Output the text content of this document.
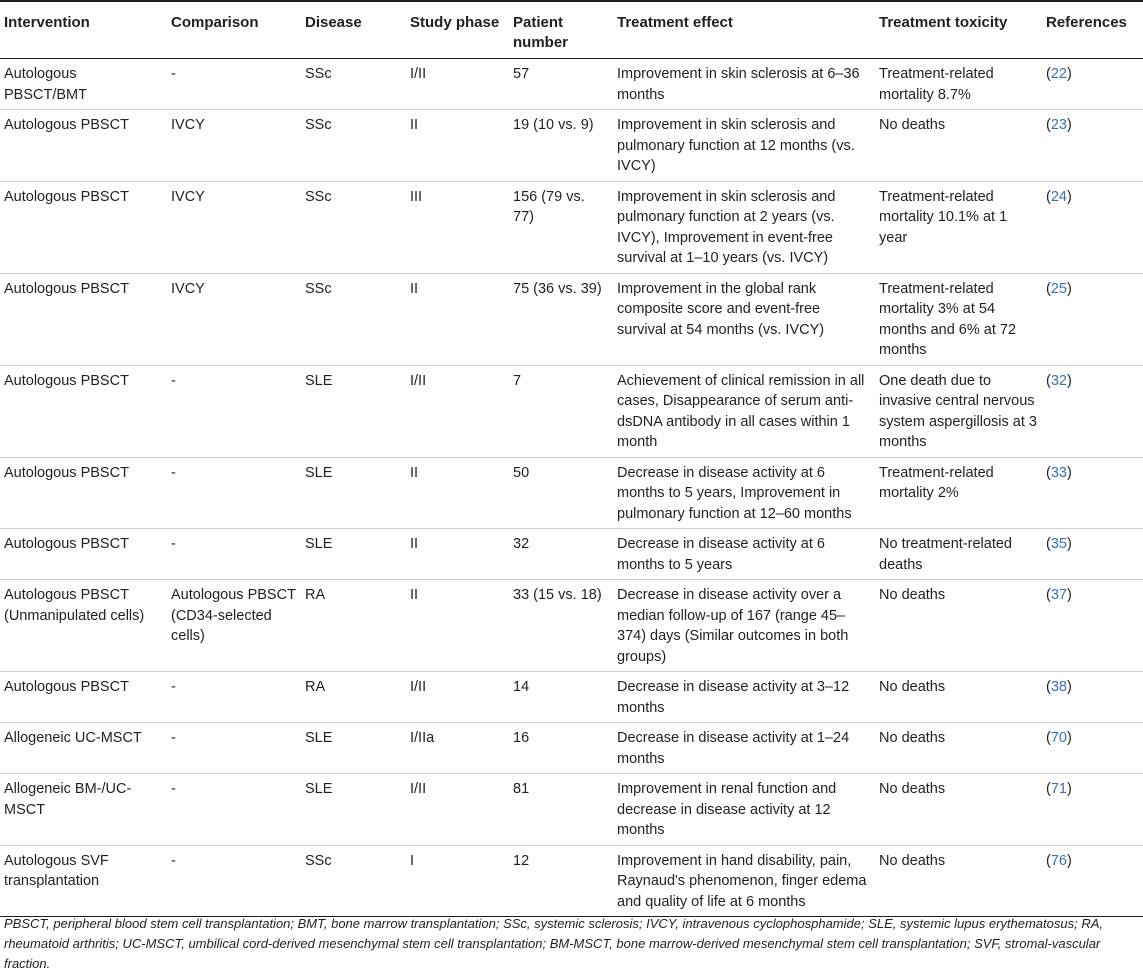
Intervention	Comparison	Disease	Study phase	Patient number	Treatment effect	Treatment toxicity	References
Autologous PBSCT/BMT	-	SSc	I/II	57	Improvement in skin sclerosis at 6–36 months	Treatment-related mortality 8.7%	(22)
Autologous PBSCT	IVCY	SSc	II	19 (10 vs. 9)	Improvement in skin sclerosis and pulmonary function at 12 months (vs. IVCY)	No deaths	(23)
Autologous PBSCT	IVCY	SSc	III	156 (79 vs. 77)	Improvement in skin sclerosis and pulmonary function at 2 years (vs. IVCY), Improvement in event-free survival at 1–10 years (vs. IVCY)	Treatment-related mortality 10.1% at 1 year	(24)
Autologous PBSCT	IVCY	SSc	II	75 (36 vs. 39)	Improvement in the global rank composite score and event-free survival at 54 months (vs. IVCY)	Treatment-related mortality 3% at 54 months and 6% at 72 months	(25)
Autologous PBSCT	-	SLE	I/II	7	Achievement of clinical remission in all cases, Disappearance of serum anti-dsDNA antibody in all cases within 1 month	One death due to invasive central nervous system aspergillosis at 3 months	(32)
Autologous PBSCT	-	SLE	II	50	Decrease in disease activity at 6 months to 5 years, Improvement in pulmonary function at 12–60 months	Treatment-related mortality 2%	(33)
Autologous PBSCT	-	SLE	II	32	Decrease in disease activity at 6 months to 5 years	No treatment-related deaths	(35)
Autologous PBSCT (Unmanipulated cells)	Autologous PBSCT (CD34-selected cells)	RA	II	33 (15 vs. 18)	Decrease in disease activity over a median follow-up of 167 (range 45–374) days (Similar outcomes in both groups)	No deaths	(37)
Autologous PBSCT	-	RA	I/II	14	Decrease in disease activity at 3–12 months	No deaths	(38)
Allogeneic UC-MSCT	-	SLE	I/IIa	16	Decrease in disease activity at 1–24 months	No deaths	(70)
Allogeneic BM-/UC-MSCT	-	SLE	I/II	81	Improvement in renal function and decrease in disease activity at 12 months	No deaths	(71)
Autologous SVF transplantation	-	SSc	I	12	Improvement in hand disability, pain, Raynaud's phenomenon, finger edema and quality of life at 6 months	No deaths	(76)
PBSCT, peripheral blood stem cell transplantation; BMT, bone marrow transplantation; SSc, systemic sclerosis; IVCY, intravenous cyclophosphamide; SLE, systemic lupus erythematosus; RA, rheumatoid arthritis; UC-MSCT, umbilical cord-derived mesenchymal stem cell transplantation; BM-MSCT, bone marrow-derived mesenchymal stem cell transplantation; SVF, stromal-vascular fraction.
